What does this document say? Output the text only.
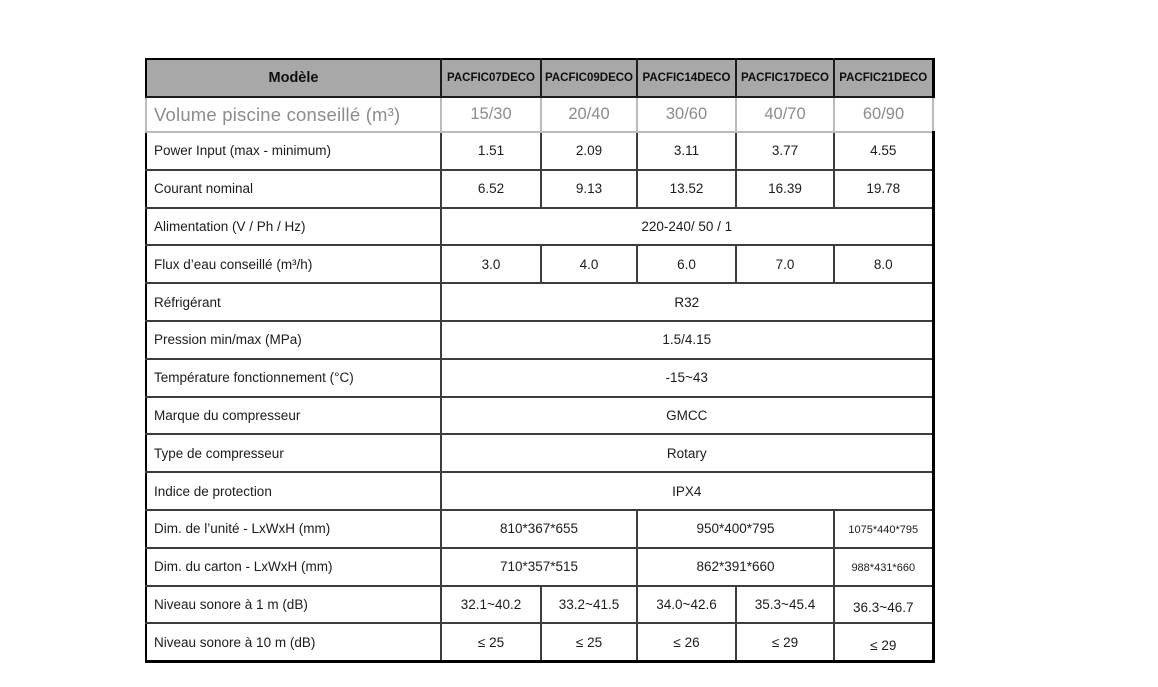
Modèle	PACFIC07DECO	PACFIC09DECO	PACFIC14DECO	PACFIC17DECO	PACFIC21DECO
Volume piscine conseillé (m³)	15/30	20/40	30/60	40/70	60/90
Power Input (max - minimum)	1.51	2.09	3.11	3.77	4.55
Courant nominal	6.52	9.13	13.52	16.39	19.78
Alimentation (V / Ph / Hz)	220-240/ 50 / 1				
Flux d’eau conseillé (m³/h)	3.0	4.0	6.0	7.0	8.0
Réfrigérant	R32				
Pression min/max (MPa)	1.5/4.15				
Température fonctionnement (°C)	-15~43				
Marque du compresseur	GMCC				
Type de compresseur	Rotary				
Indice de protection	IPX4				
Dim. de l’unité - LxWxH (mm)	810*367*655		950*400*795		1075*440*795
Dim. du carton - LxWxH (mm)	710*357*515		862*391*660		988*431*660
Niveau sonore à 1 m (dB)	32.1~40.2	33.2~41.5	34.0~42.6	35.3~45.4	36.3~46.7
Niveau sonore à 10 m (dB)	≤ 25	≤ 25	≤ 26	≤ 29	≤ 29
